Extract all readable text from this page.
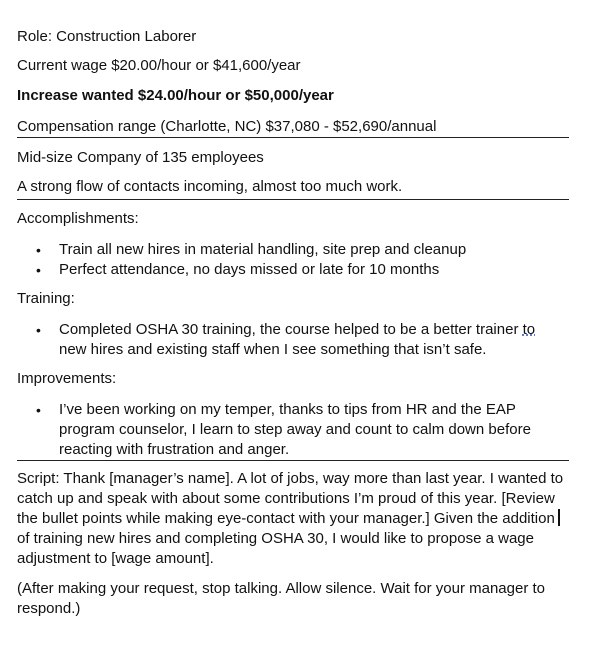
Role: Construction Laborer
Current wage $20.00/hour or $41,600/year
Increase wanted $24.00/hour or $50,000/year
Compensation range (Charlotte, NC) $37,080 - $52,690/annual
Mid-size Company of 135 employees
A strong flow of contacts incoming, almost too much work.
Accomplishments:
• Train all new hires in material handling, site prep and cleanup
• Perfect attendance, no days missed or late for 10 months
Training:
• Completed OSHA 30 training, the course helped to be a better trainer to
new hires and existing staff when I see something that isn’t safe.
Improvements:
• I’ve been working on my temper, thanks to tips from HR and the EAP
program counselor, I learn to step away and count to calm down before
reacting with frustration and anger.
Script: Thank [manager’s name]. A lot of jobs, way more than last year. I wanted to
catch up and speak with about some contributions I’m proud of this year. [Review
the bullet points while making eye-contact with your manager.] Given the addition
of training new hires and completing OSHA 30, I would like to propose a wage
adjustment to [wage amount].
(After making your request, stop talking. Allow silence. Wait for your manager to
respond.)
